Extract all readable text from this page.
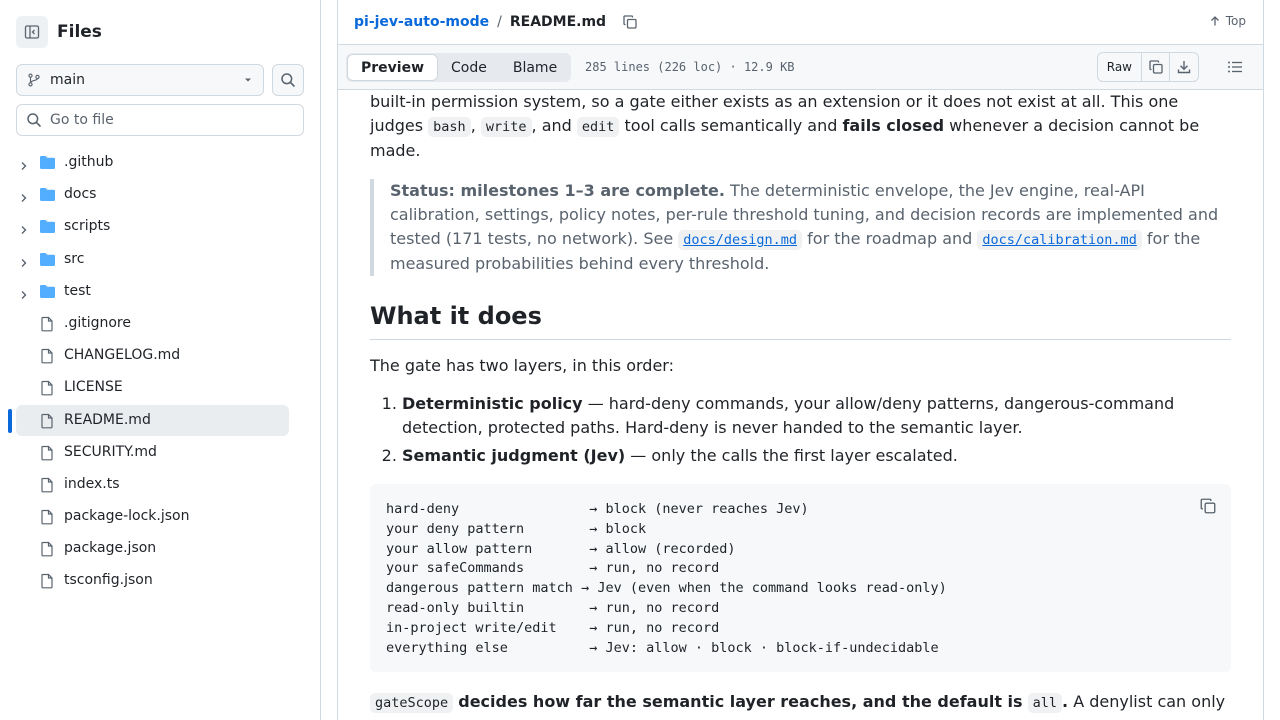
Files
main
Go to file
.github
docs
scripts
src
test
.gitignore
CHANGELOG.md
LICENSE
README.md
SECURITY.md
index.ts
package-lock.json
package.json
tsconfig.json
pi-jev-auto-mode / README.md	Top
Preview	Code	Blame	285 lines (226 loc) · 12.9 KB	Raw
built-in permission system, so a gate either exists as an extension or it does not exist at all. This one judges bash , write , and edit tool calls semantically and fails closed whenever a decision cannot be made.
Status: milestones 1–3 are complete. The deterministic envelope, the Jev engine, real-API calibration, settings, policy notes, per-rule threshold tuning, and decision records are implemented and tested (171 tests, no network). See docs/design.md for the roadmap and docs/calibration.md for the measured probabilities behind every threshold.
What it does
The gate has two layers, in this order:
1. Deterministic policy — hard-deny commands, your allow/deny patterns, dangerous-command detection, protected paths. Hard-deny is never handed to the semantic layer.
2. Semantic judgment (Jev) — only the calls the first layer escalated.
hard-deny                → block (never reaches Jev)
your deny pattern        → block
your allow pattern       → allow (recorded)
your safeCommands        → run, no record
dangerous pattern match → Jev (even when the command looks read-only)
read-only builtin        → run, no record
in-project write/edit    → run, no record
everything else          → Jev: allow · block · block-if-undecidable
gateScope decides how far the semantic layer reaches, and the default is all . A denylist can only
